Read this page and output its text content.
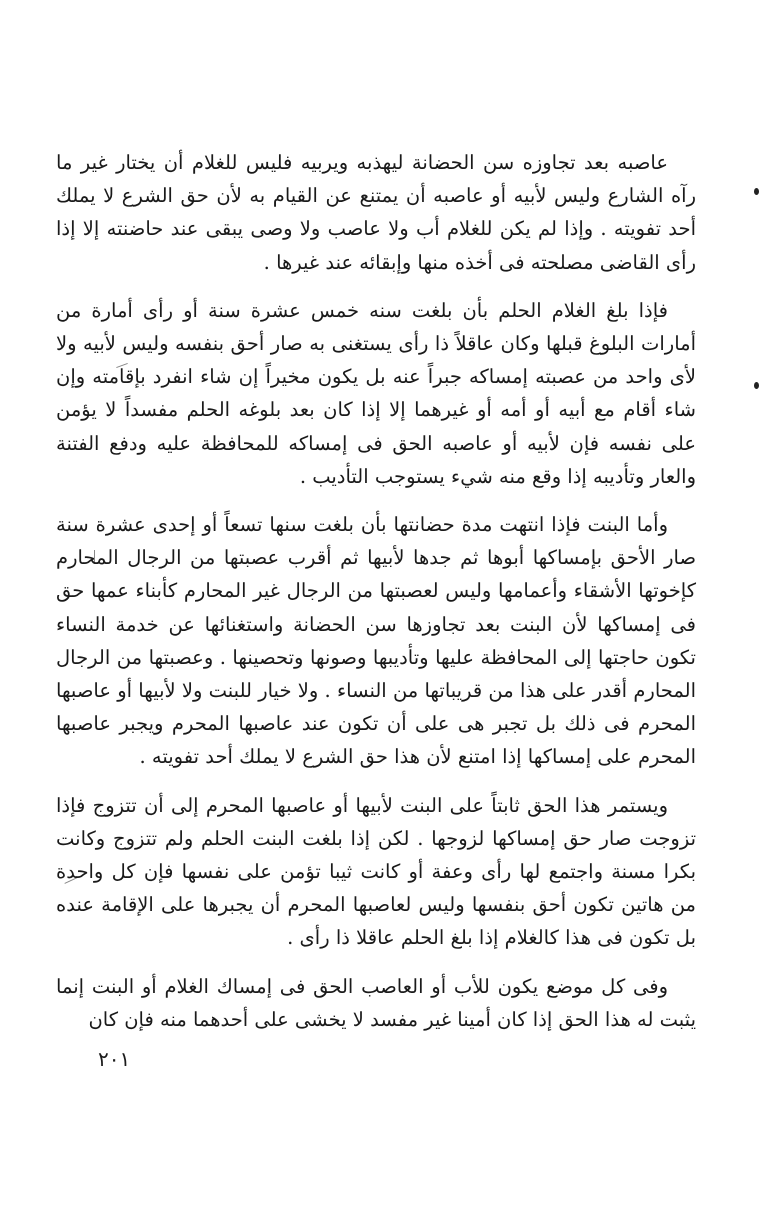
عاصبه بعد تجاوزه سن الحضانة ليهذبه ويربيه فليس للغلام أن يختار غير ما رآه الشارع وليس لأبيه أو عاصبه أن يمتنع عن القيام به لأن حق الشرع لا يملك أحد تفويته . وإذا لم يكن للغلام أب ولا عاصب ولا وصى يبقى عند حاضنته إلا إذا رأى القاضى مصلحته فى أخذه منها وإبقائه عند غيرها .

فإذا بلغ الغلام الحلم بأن بلغت سنه خمس عشرة سنة أو رأى أمارة من أمارات البلوغ قبلها وكان عاقلاً ذا رأى يستغنى به صار أحق بنفسه وليس لأبيه ولا لأى واحد من عصبته إمساكه جبراً عنه بل يكون مخيراً إن شاء انفرد بإقامته وإن شاء أقام مع أبيه أو أمه أو غيرهما إلا إذا كان بعد بلوغه الحلم مفسداً لا يؤمن على نفسه فإن لأبيه أو عاصبه الحق فى إمساكه للمحافظة عليه ودفع الفتنة والعار وتأديبه إذا وقع منه شيء يستوجب التأديب .

وأما البنت فإذا انتهت مدة حضانتها بأن بلغت سنها تسعاً أو إحدى عشرة سنة صار الأحق بإمساكها أبوها ثم جدها لأبيها ثم أقرب عصبتها من الرجال المحارم كإخوتها الأشقاء وأعمامها وليس لعصبتها من الرجال غير المحارم كأبناء عمها حق فى إمساكها لأن البنت بعد تجاوزها سن الحضانة واستغنائها عن خدمة النساء تكون حاجتها إلى المحافظة عليها وتأديبها وصونها وتحصينها . وعصبتها من الرجال المحارم أقدر على هذا من قريباتها من النساء . ولا خيار للبنت ولا لأبيها أو عاصبها المحرم فى ذلك بل تجبر هى على أن تكون عند عاصبها المحرم ويجبر عاصبها المحرم على إمساكها إذا امتنع لأن هذا حق الشرع لا يملك أحد تفويته .

ويستمر هذا الحق ثابتاً على البنت لأبيها أو عاصبها المحرم إلى أن تتزوج فإذا تزوجت صار حق إمساكها لزوجها . لكن إذا بلغت البنت الحلم ولم تتزوج وكانت بكرا مسنة واجتمع لها رأى وعفة أو كانت ثيبا تؤمن على نفسها فإن كل واحدة من هاتين تكون أحق بنفسها وليس لعاصبها المحرم أن يجبرها على الإقامة عنده بل تكون فى هذا كالغلام إذا بلغ الحلم عاقلا ذا رأى .

وفى كل موضع يكون للأب أو العاصب الحق فى إمساك الغلام أو البنت إنما يثبت له هذا الحق إذا كان أمينا غير مفسد لا يخشى على أحدهما منه فإن كان

٢٠١
